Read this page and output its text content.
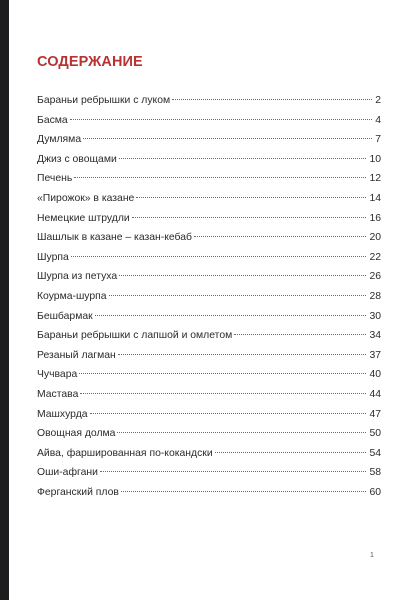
СОДЕРЖАНИЕ
Бараньи ребрышки с луком	2
Басма	4
Думляма	7
Джиз с овощами	10
Печень	12
«Пирожок» в казане	14
Немецкие штрудли	16
Шашлык в казане – казан-кебаб	20
Шурпа	22
Шурпа из петуха	26
Коурма-шурпа	28
Бешбармак	30
Бараньи ребрышки с лапшой и омлетом	34
Резаный лагман	37
Чучвара	40
Мастава	44
Машхурда	47
Овощная долма	50
Айва, фаршированная по-кокандски	54
Оши-афгани	58
Ферганский плов	60
1
